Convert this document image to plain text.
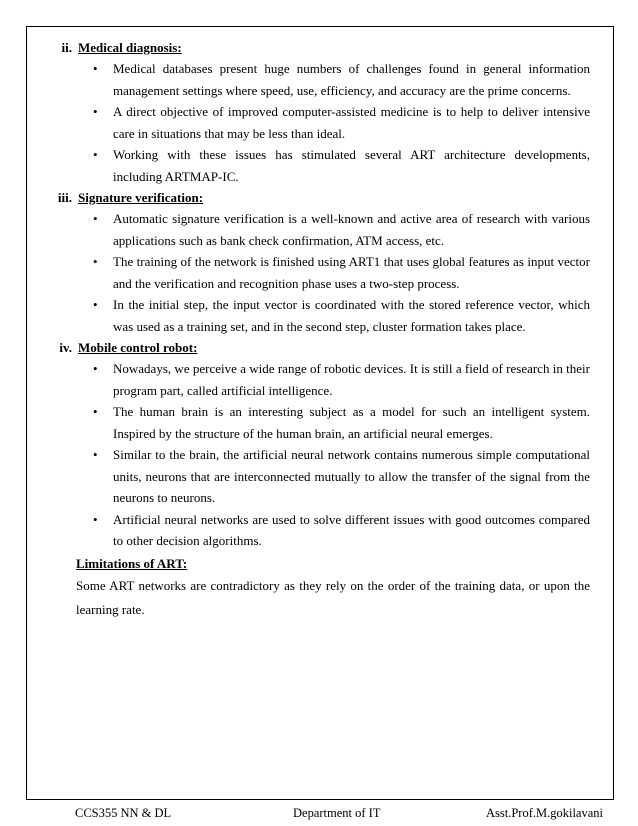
ii. Medical diagnosis:
• Medical databases present huge numbers of challenges found in general information management settings where speed, use, efficiency, and accuracy are the prime concerns.
• A direct objective of improved computer-assisted medicine is to help to deliver intensive care in situations that may be less than ideal.
• Working with these issues has stimulated several ART architecture developments, including ARTMAP-IC.
iii. Signature verification:
• Automatic signature verification is a well-known and active area of research with various applications such as bank check confirmation, ATM access, etc.
• The training of the network is finished using ART1 that uses global features as input vector and the verification and recognition phase uses a two-step process.
• In the initial step, the input vector is coordinated with the stored reference vector, which was used as a training set, and in the second step, cluster formation takes place.
iv. Mobile control robot:
• Nowadays, we perceive a wide range of robotic devices. It is still a field of research in their program part, called artificial intelligence.
• The human brain is an interesting subject as a model for such an intelligent system. Inspired by the structure of the human brain, an artificial neural emerges.
• Similar to the brain, the artificial neural network contains numerous simple computational units, neurons that are interconnected mutually to allow the transfer of the signal from the neurons to neurons.
• Artificial neural networks are used to solve different issues with good outcomes compared to other decision algorithms.
Limitations of ART:
Some ART networks are contradictory as they rely on the order of the training data, or upon the learning rate.
CCS355 NN & DL	Department of IT	Asst.Prof.M.gokilavani
